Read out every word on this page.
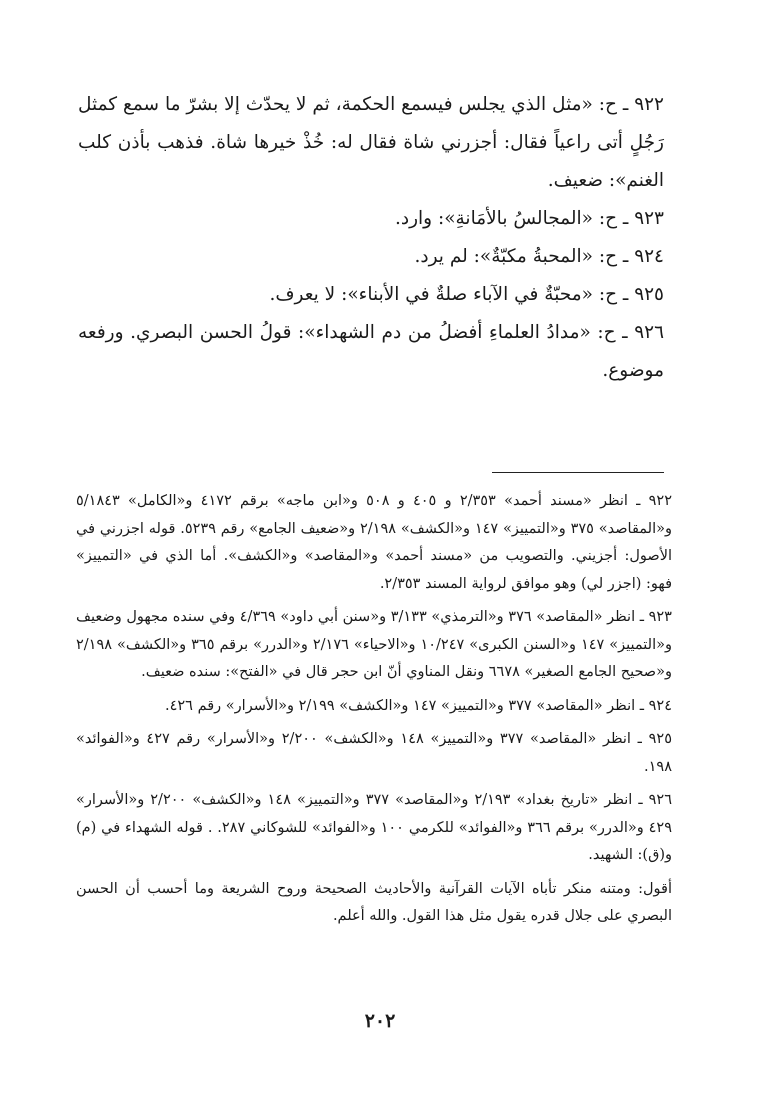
٩٢٢ ـ ح: «مثل الذي يجلس فيسمع الحكمة، ثم لا يحدّث إلا بشرّ ما سمع كمثل رَجُلٍ أتى راعياً فقال: أجزرني شاة فقال له: خُذْ خيرها شاة. فذهب بأذن كلب الغنم»: ضعيف.

٩٢٣ ـ ح: «المجالسُ بالأمَانةِ»: وارد.

٩٢٤ ـ ح: «المحبةُ مكبّةٌ»: لم يرد.

٩٢٥ ـ ح: «محبّةٌ في الآباء صلةٌ في الأبناء»: لا يعرف.

٩٢٦ ـ ح: «مدادُ العلماءِ أفضلُ من دم الشهداء»: قولُ الحسن البصري. ورفعه موضوع.

٩٢٢ ـ انظر «مسند أحمد» ٢/٣٥٣ و ٤٠٥ و ٥٠٨ و«ابن ماجه» برقم ٤١٧٢ و«الكامل» ٥/١٨٤٣ و«المقاصد» ٣٧٥ و«التمييز» ١٤٧ و«الكشف» ٢/١٩٨ و«ضعيف الجامع» رقم ٥٢٣٩. قوله اجزرني في الأصول: أجزيني. والتصويب من «مسند أحمد» و«المقاصد» و«الكشف». أما الذي في «التمييز» فهو: (اجزر لي) وهو موافق لرواية المسند ٢/٣٥٣.

٩٢٣ ـ انظر «المقاصد» ٣٧٦ و«الترمذي» ٣/١٣٣ و«سنن أبي داود» ٤/٣٦٩ وفي سنده مجهول وضعيف و«التمييز» ١٤٧ و«السنن الكبرى» ١٠/٢٤٧ و«الاحياء» ٢/١٧٦ و«الدرر» برقم ٣٦٥ و«الكشف» ٢/١٩٨ و«صحيح الجامع الصغير» ٦٦٧٨ ونقل المناوي أنّ ابن حجر قال في «الفتح»: سنده ضعيف.

٩٢٤ ـ انظر «المقاصد» ٣٧٧ و«التمييز» ١٤٧ و«الكشف» ٢/١٩٩ و«الأسرار» رقم ٤٢٦.

٩٢٥ ـ انظر «المقاصد» ٣٧٧ و«التمييز» ١٤٨ و«الكشف» ٢/٢٠٠ و«الأسرار» رقم ٤٢٧ و«الفوائد» ١٩٨.

٩٢٦ ـ انظر «تاريخ بغداد» ٢/١٩٣ و«المقاصد» ٣٧٧ و«التمييز» ١٤٨ و«الكشف» ٢/٢٠٠ و«الأسرار» ٤٢٩ و«الدرر» برقم ٣٦٦ و«الفوائد» للكرمي ١٠٠ و«الفوائد» للشوكاني ٢٨٧. . قوله الشهداء في (م) و(ق): الشهيد.

أقول: ومتنه منكر تأباه الآيات القرآنية والأحاديث الصحيحة وروح الشريعة وما أحسب أن الحسن البصري على جلال قدره يقول مثل هذا القول. والله أعلم.

٢٠٢
